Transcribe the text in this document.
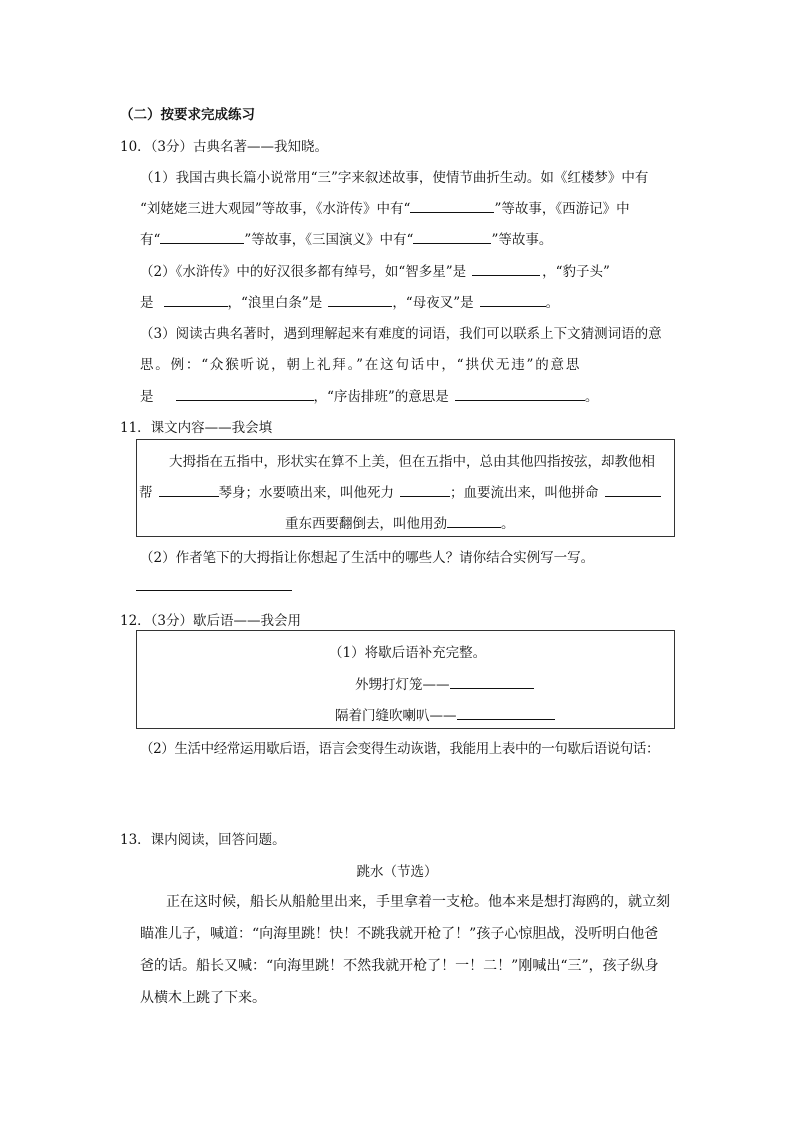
（二）按要求完成练习
10．（3分）古典名著——我知晓。
（1）我国古典长篇小说常用“三”字来叙述故事，使情节曲折生动。如《红楼梦》中有
“刘姥姥三进大观园”等故事，《水浒传》中有“	”等故事，《西游记》中
有“	”等故事，《三国演义》中有“	”等故事。
（2）《水浒传》中的好汉很多都有绰号，如“智多星”是	，“豹子头”
是	，“浪里白条”是	，“母夜叉”是	。
（3）阅读古典名著时，遇到理解起来有难度的词语，我们可以联系上下文猜测词语的意
思。例：“众猴听说，朝上礼拜。”在这句话中，“拱伏无违”的意思
是	，“序齿排班”的意思是	。
11．课文内容——我会填
大拇指在五指中，形状实在算不上美，但在五指中，总由其他四指按弦，却教他相
帮	琴身；水要喷出来，叫他死力	；血要流出来，叫他拼命
重东西要翻倒去，叫他用劲	。
（2）作者笔下的大拇指让你想起了生活中的哪些人？请你结合实例写一写。
12．（3分）歇后语——我会用
（1）将歇后语补充完整。
外甥打灯笼——
隔着门缝吹喇叭——
（2）生活中经常运用歇后语，语言会变得生动诙谐，我能用上表中的一句歇后语说句话：
13．课内阅读，回答问题。
跳水（节选）
正在这时候，船长从船舱里出来，手里拿着一支枪。他本来是想打海鸥的，就立刻
瞄准儿子，喊道：“向海里跳！快！不跳我就开枪了！”孩子心惊胆战，没听明白他爸
爸的话。船长又喊：“向海里跳！不然我就开枪了！一！二！”刚喊出“三”，孩子纵身
从横木上跳了下来。
